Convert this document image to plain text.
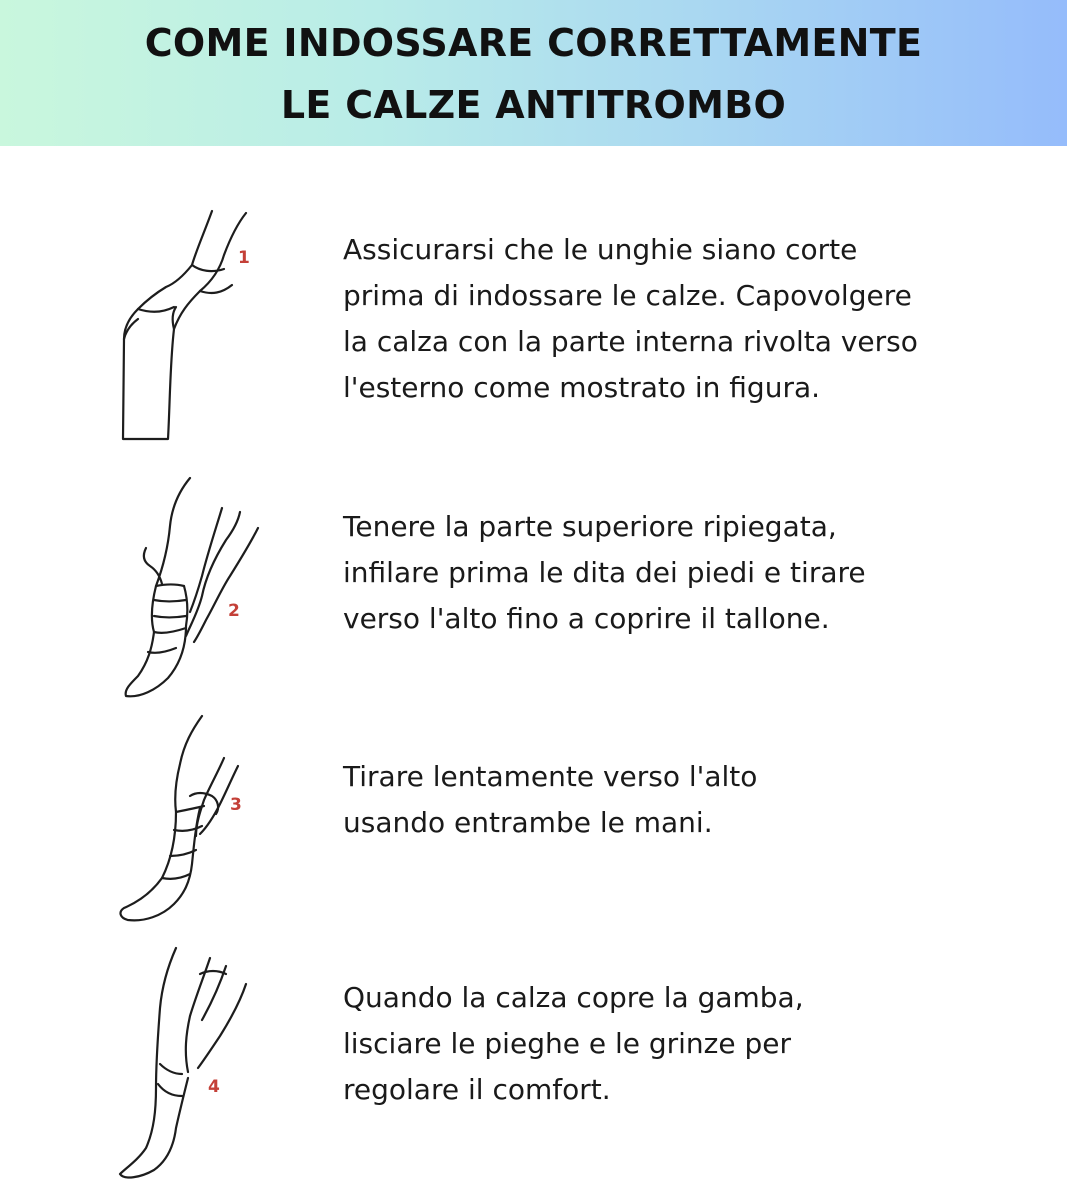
COME INDOSSARE CORRETTAMENTE
LE CALZE ANTITROMBO
1	Assicurarsi che le unghie siano corte
prima di indossare le calze. Capovolgere
la calza con la parte interna rivolta verso
l'esterno come mostrato in figura.
2
Tenere la parte superiore ripiegata,
infilare prima le dita dei piedi e tirare
verso l'alto fino a coprire il tallone.
3
Tirare lentamente verso l'alto
usando entrambe le mani.
4
Quando la calza copre la gamba,
lisciare le pieghe e le grinze per
regolare il comfort.
